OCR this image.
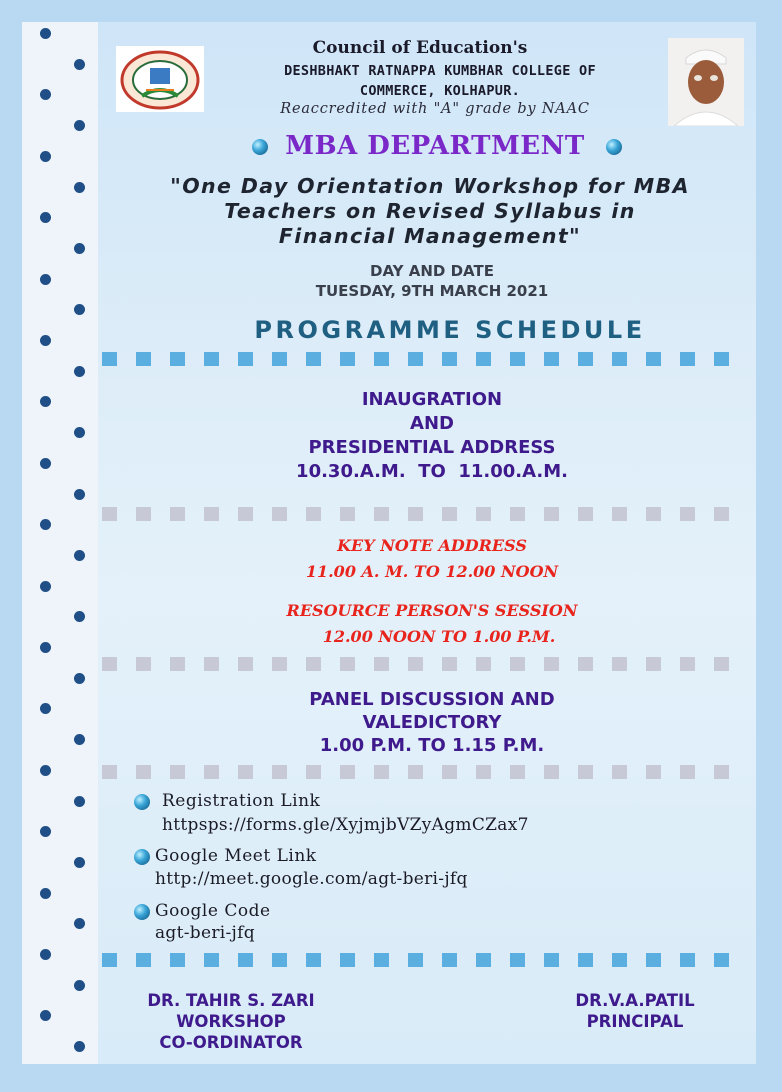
Council of Education's
DESHBHAKT RATNAPPA KUMBHAR COLLEGE OF
COMMERCE, KOLHAPUR.
Reaccredited with "A" grade by NAAC
MBA DEPARTMENT
"One Day Orientation Workshop for MBA
Teachers on Revised Syllabus in
Financial Management"
DAY AND DATE
TUESDAY, 9TH MARCH 2021
PROGRAMME SCHEDULE
INAUGRATION
AND
PRESIDENTIAL ADDRESS
10.30.A.M.  TO  11.00.A.M.
KEY NOTE ADDRESS
11.00 A. M. TO 12.00 NOON
RESOURCE PERSON'S SESSION
12.00 NOON TO 1.00 P.M.
PANEL DISCUSSION AND
VALEDICTORY
1.00 P.M. TO 1.15 P.M.
Registration Link
httpsps://forms.gle/XyjmjbVZyAgmCZax7
Google Meet Link
http://meet.google.com/agt-beri-jfq
Google Code
agt-beri-jfq
DR. TAHIR S. ZARI
WORKSHOP
CO-ORDINATOR
DR.V.A.PATIL
PRINCIPAL
